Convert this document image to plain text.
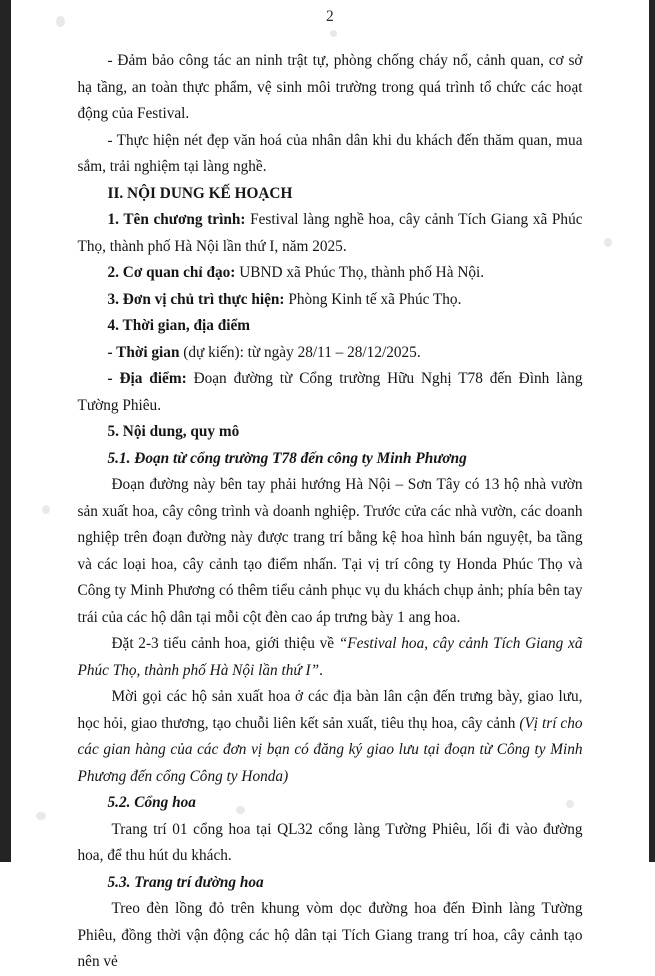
2

- Đảm bảo công tác an ninh trật tự, phòng chống cháy nổ, cảnh quan, cơ sở hạ tầng, an toàn thực phẩm, vệ sinh môi trường trong quá trình tổ chức các hoạt động của Festival.

- Thực hiện nét đẹp văn hoá của nhân dân khi du khách đến thăm quan, mua sắm, trải nghiệm tại làng nghề.

II. NỘI DUNG KẾ HOẠCH

1. Tên chương trình: Festival làng nghề hoa, cây cảnh Tích Giang xã Phúc Thọ, thành phố Hà Nội lần thứ I, năm 2025.

2. Cơ quan chỉ đạo: UBND xã Phúc Thọ, thành phố Hà Nội.

3. Đơn vị chủ trì thực hiện: Phòng Kinh tế xã Phúc Thọ.

4. Thời gian, địa điểm

- Thời gian (dự kiến): từ ngày 28/11 – 28/12/2025.

- Địa điểm: Đoạn đường từ Cổng trường Hữu Nghị T78 đến Đình làng Tường Phiêu.

5. Nội dung, quy mô

5.1. Đoạn từ cổng trường T78 đến công ty Minh Phương

Đoạn đường này bên tay phải hướng Hà Nội – Sơn Tây có 13 hộ nhà vườn sản xuất hoa, cây công trình và doanh nghiệp. Trước cửa các nhà vườn, các doanh nghiệp trên đoạn đường này được trang trí bằng kệ hoa hình bán nguyệt, ba tầng và các loại hoa, cây cảnh tạo điểm nhấn. Tại vị trí công ty Honda Phúc Thọ và Công ty Minh Phương có thêm tiểu cảnh phục vụ du khách chụp ảnh; phía bên tay trái của các hộ dân tại mỗi cột đèn cao áp trưng bày 1 ang hoa.

Đặt 2-3 tiểu cảnh hoa, giới thiệu về “Festival hoa, cây cảnh Tích Giang xã Phúc Thọ, thành phố Hà Nội lần thứ I”.

Mời gọi các hộ sản xuất hoa ở các địa bàn lân cận đến trưng bày, giao lưu, học hỏi, giao thương, tạo chuỗi liên kết sản xuất, tiêu thụ hoa, cây cảnh (Vị trí cho các gian hàng của các đơn vị bạn có đăng ký giao lưu tại đoạn từ Công ty Minh Phương đến cổng Công ty Honda)

5.2. Cổng hoa

Trang trí 01 cổng hoa tại QL32 cổng làng Tường Phiêu, lối đi vào đường hoa, để thu hút du khách.

5.3. Trang trí đường hoa

Treo đèn lồng đỏ trên khung vòm dọc đường hoa đến Đình làng Tường Phiêu, đồng thời vận động các hộ dân tại Tích Giang trang trí hoa, cây cảnh tạo nên vẻ
